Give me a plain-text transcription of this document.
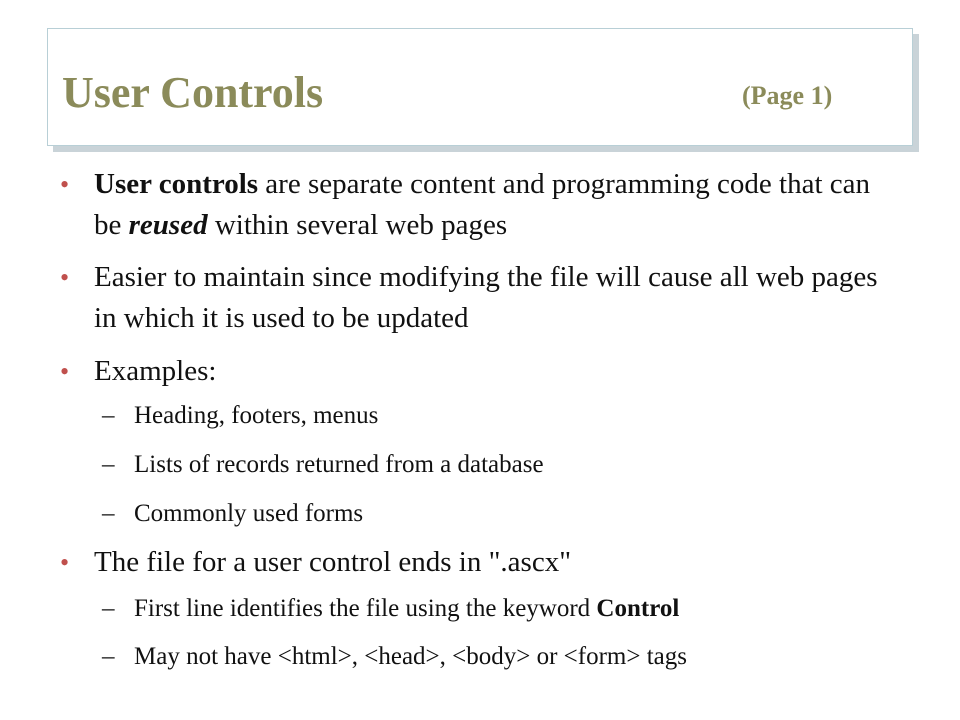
User Controls	(Page 1)
• User controls are separate content and programming code that can be reused within several web pages
• Easier to maintain since modifying the file will cause all web pages in which it is used to be updated
• Examples:
– Heading, footers, menus
– Lists of records returned from a database
– Commonly used forms
• The file for a user control ends in ".ascx"
– First line identifies the file using the keyword Control
– May not have <html>, <head>, <body> or <form> tags
